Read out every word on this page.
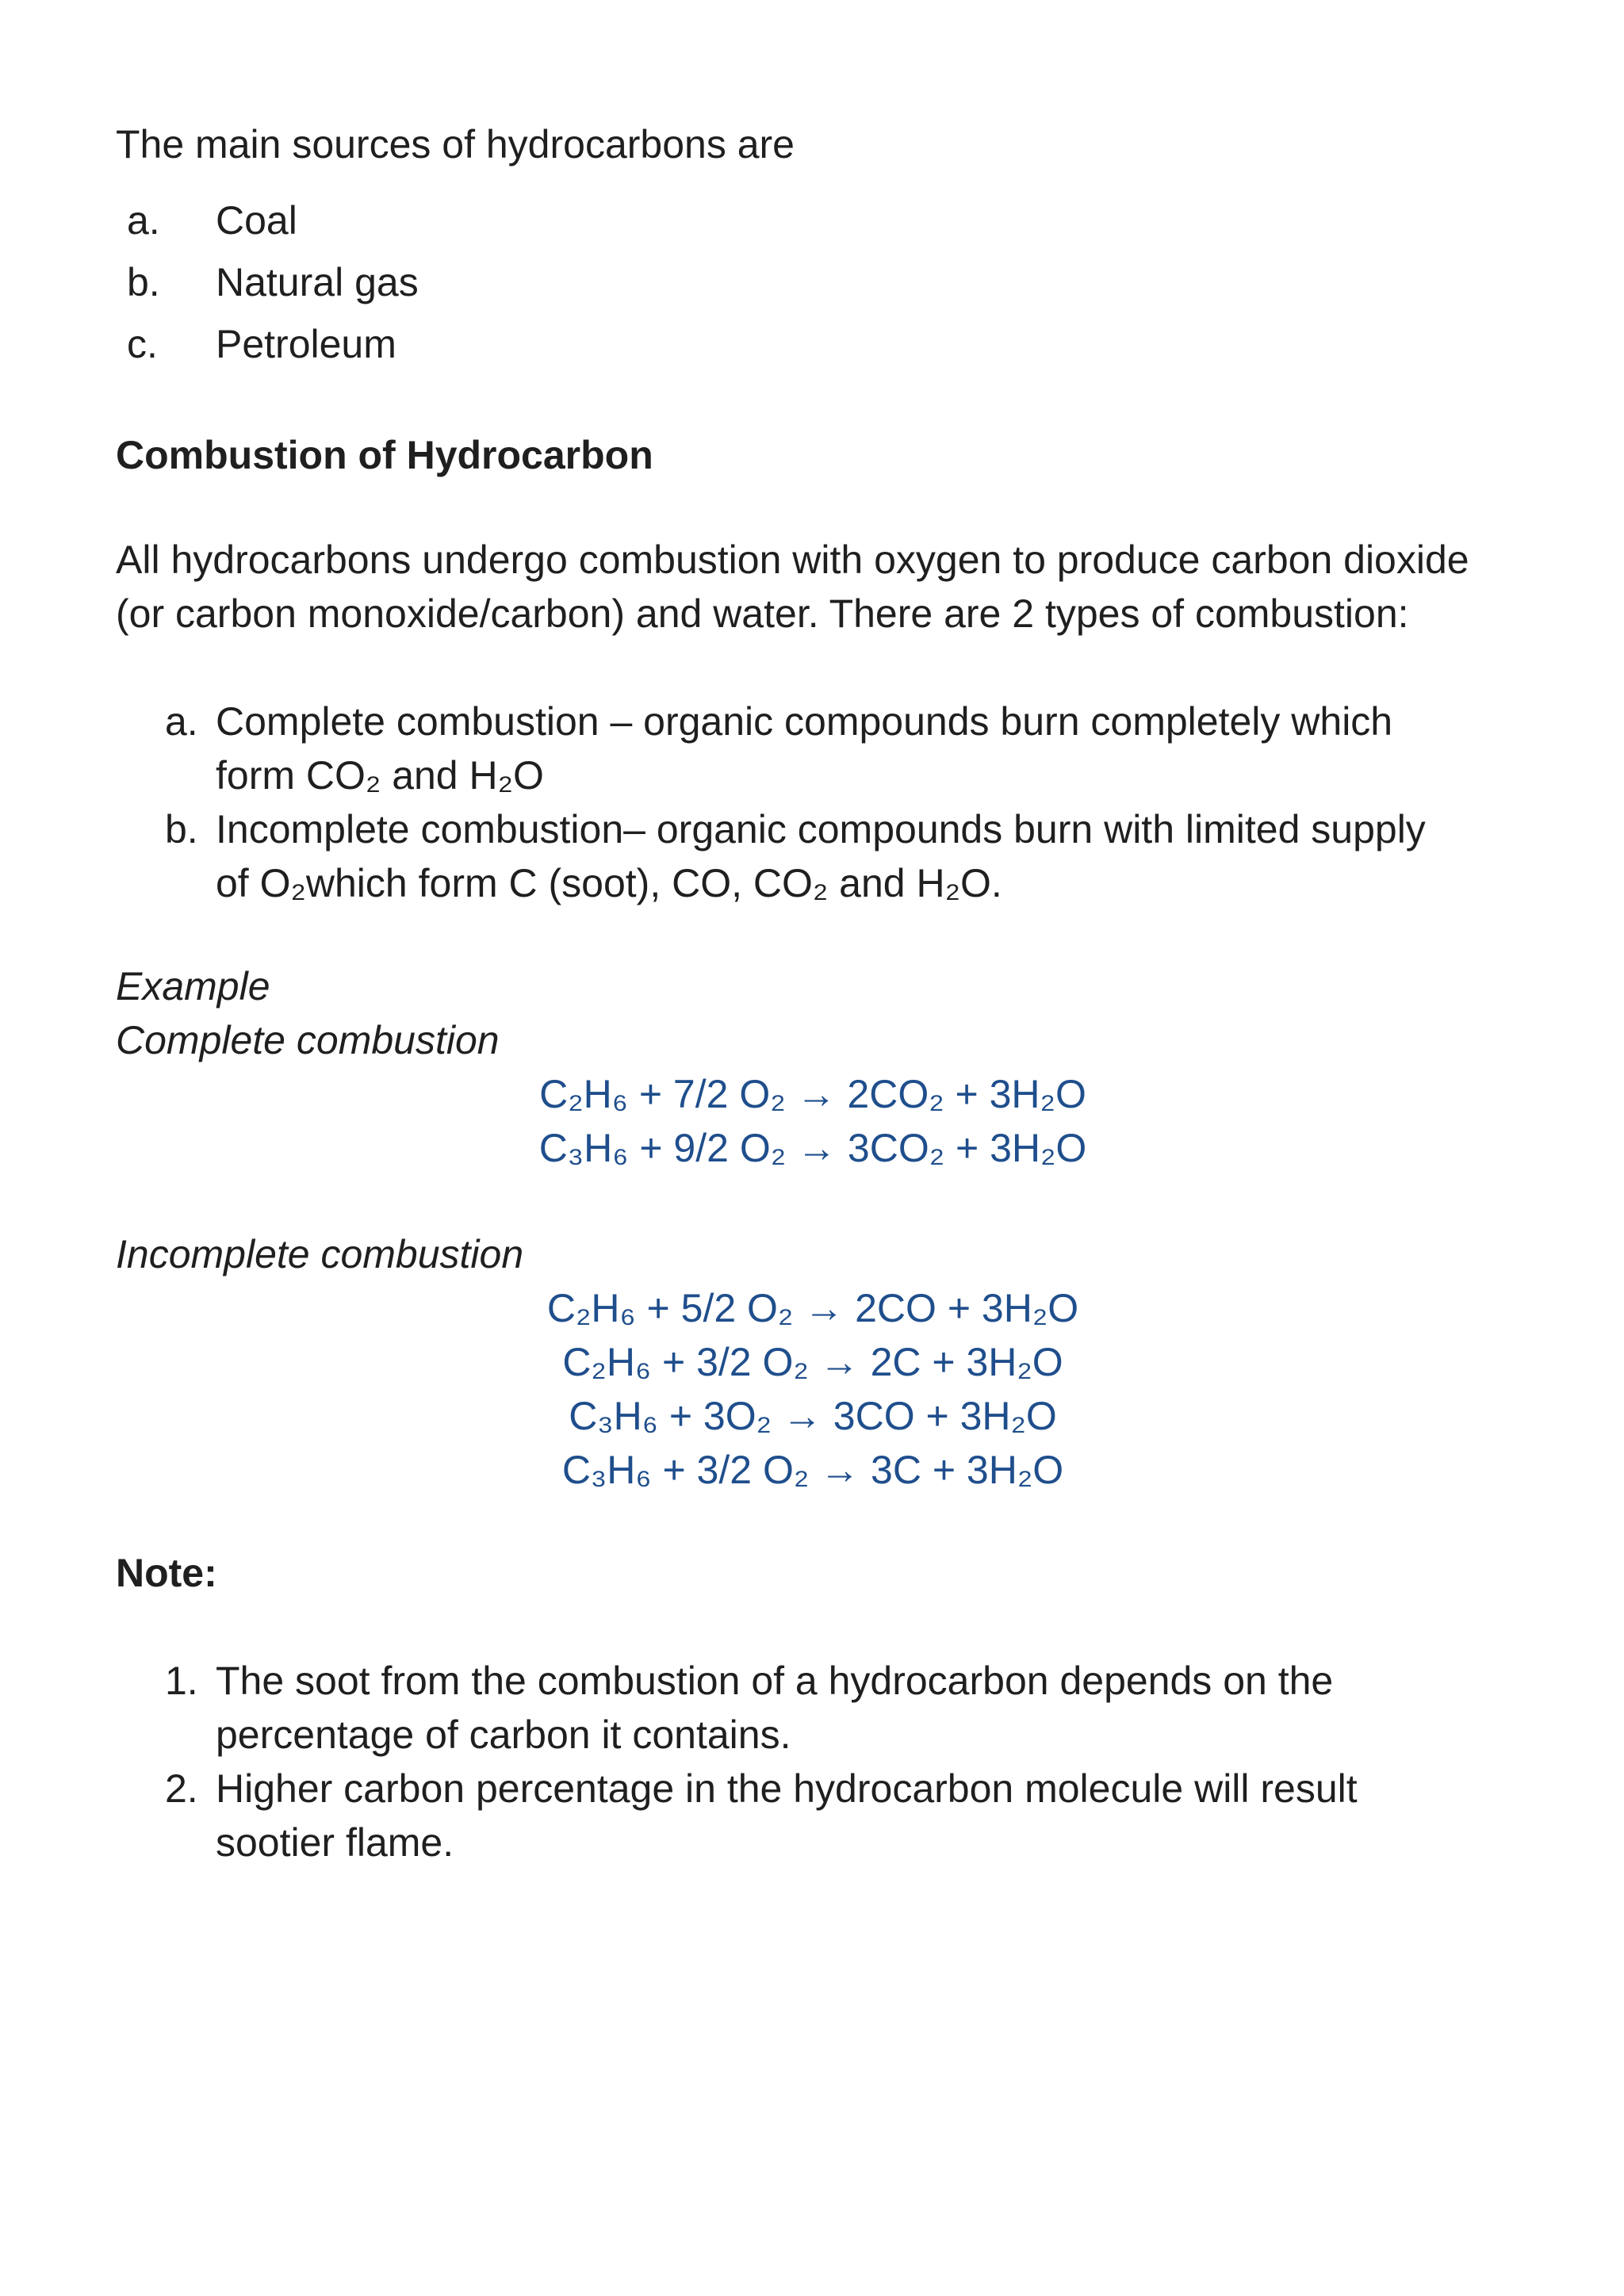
The main sources of hydrocarbons are
a. Coal
b. Natural gas
c. Petroleum
Combustion of Hydrocarbon
All hydrocarbons undergo combustion with oxygen to produce carbon dioxide
(or carbon monoxide/carbon) and water. There are 2 types of combustion:
a. Complete combustion – organic compounds burn completely which
form CO₂ and H₂O
b. Incomplete combustion– organic compounds burn with limited supply
of O₂which form C (soot), CO, CO₂ and H₂O.
Example
Complete combustion
C₂H₆ + 7/2 O₂ → 2CO₂ + 3H₂O
C₃H₆ + 9/2 O₂ → 3CO₂ + 3H₂O
Incomplete combustion
C₂H₆ + 5/2 O₂ → 2CO + 3H₂O
C₂H₆ + 3/2 O₂ → 2C + 3H₂O
C₃H₆ + 3O₂ → 3CO + 3H₂O
C₃H₆ + 3/2 O₂ → 3C + 3H₂O
Note:
1. The soot from the combustion of a hydrocarbon depends on the
percentage of carbon it contains.
2. Higher carbon percentage in the hydrocarbon molecule will result
sootier flame.
